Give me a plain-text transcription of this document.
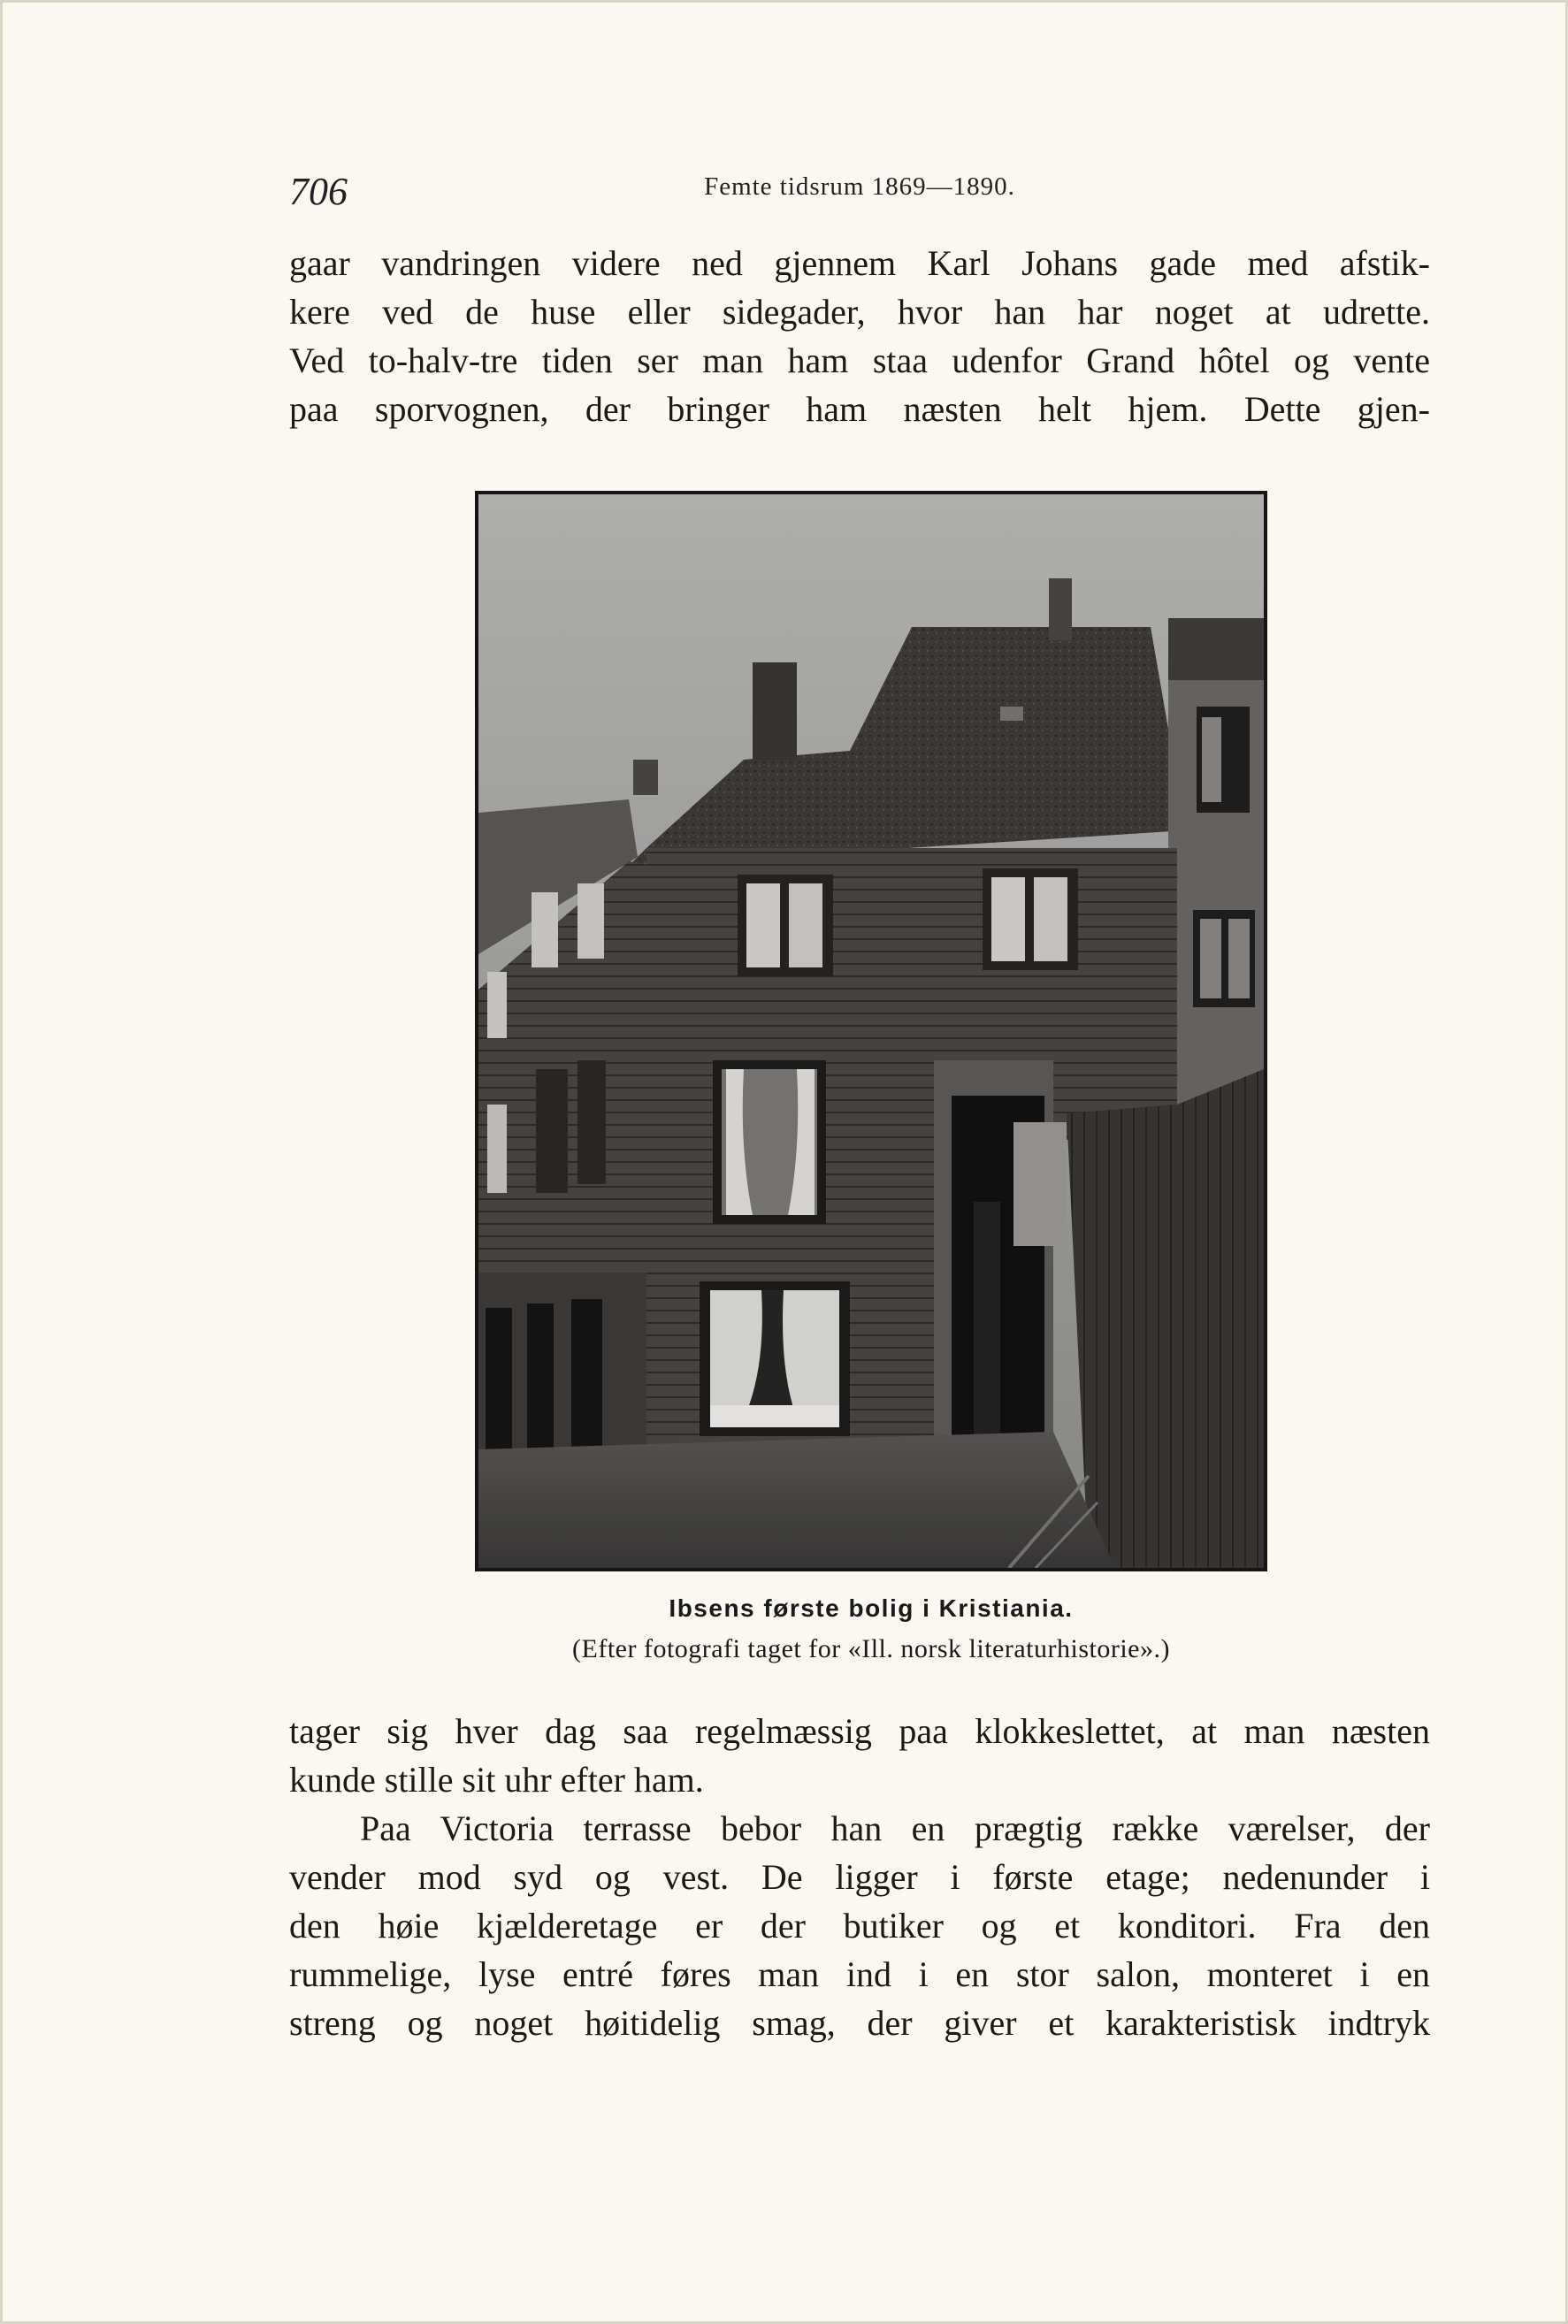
706	Femte tidsrum 1869—1890.
gaar vandringen videre ned gjennem Karl Johans gade med afstik-
kere ved de huse eller sidegader, hvor han har noget at udrette.
Ved to-halv-tre tiden ser man ham staa udenfor Grand hôtel og vente
paa sporvognen, der bringer ham næsten helt hjem. Dette gjen-
Ibsens første bolig i Kristiania.
(Efter fotografi taget for «Ill. norsk literaturhistorie».)
tager sig hver dag saa regelmæssig paa klokkeslettet, at man næsten
kunde stille sit uhr efter ham.
Paa Victoria terrasse bebor han en prægtig række værelser, der
vender mod syd og vest. De ligger i første etage; nedenunder i
den høie kjælderetage er der butiker og et konditori. Fra den
rummelige, lyse entré føres man ind i en stor salon, monteret i en
streng og noget høitidelig smag, der giver et karakteristisk indtryk
